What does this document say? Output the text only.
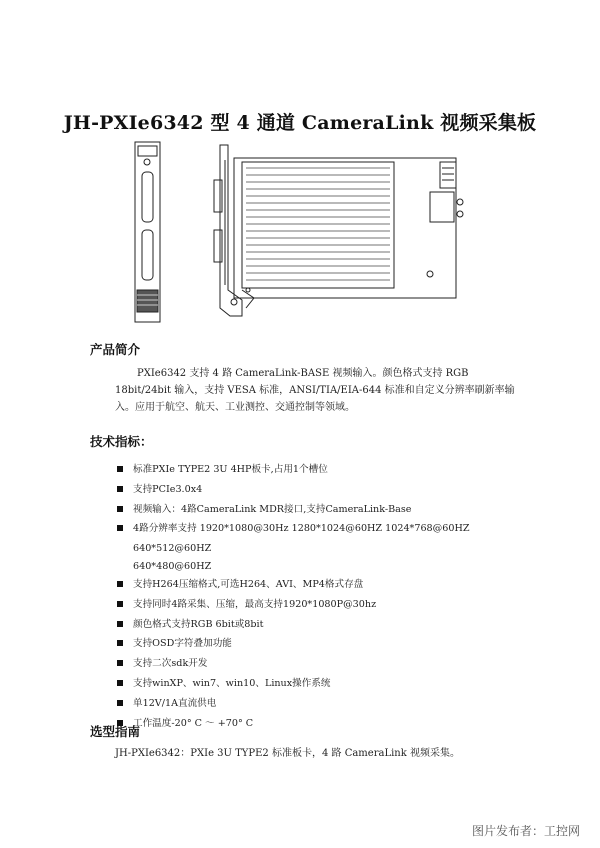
JH-PXIe6342 型 4 通道 CameraLink 视频采集板
产品简介
PXIe6342 支持 4 路 CameraLink-BASE 视频输入。颜色格式支持 RGB 18bit/24bit 输入，支持 VESA 标准，ANSI/TIA/EIA-644 标准和自定义分辨率刷新率输入。应用于航空、航天、工业测控、交通控制等领域。
技术指标：
标准PXIe TYPE2 3U 4HP板卡,占用1个槽位
支持PCIe3.0x4
视频输入：4路CameraLink MDR接口,支持CameraLink-Base
4路分辨率支持 1920*1080@30Hz 1280*1024@60HZ 1024*768@60HZ 640*512@60HZ
640*480@60HZ
支持H264压缩格式,可选H264、AVI、MP4格式存盘
支持同时4路采集、压缩，最高支持1920*1080P@30hz
颜色格式支持RGB 6bit或8bit
支持OSD字符叠加功能
支持二次sdk开发
支持winXP、win7、win10、Linux操作系统
单12V/1A直流供电
工作温度-20° C ～ +70° C
选型指南
JH-PXIe6342：PXIe 3U TYPE2 标准板卡，4 路 CameraLink 视频采集。
图片发布者：工控网
